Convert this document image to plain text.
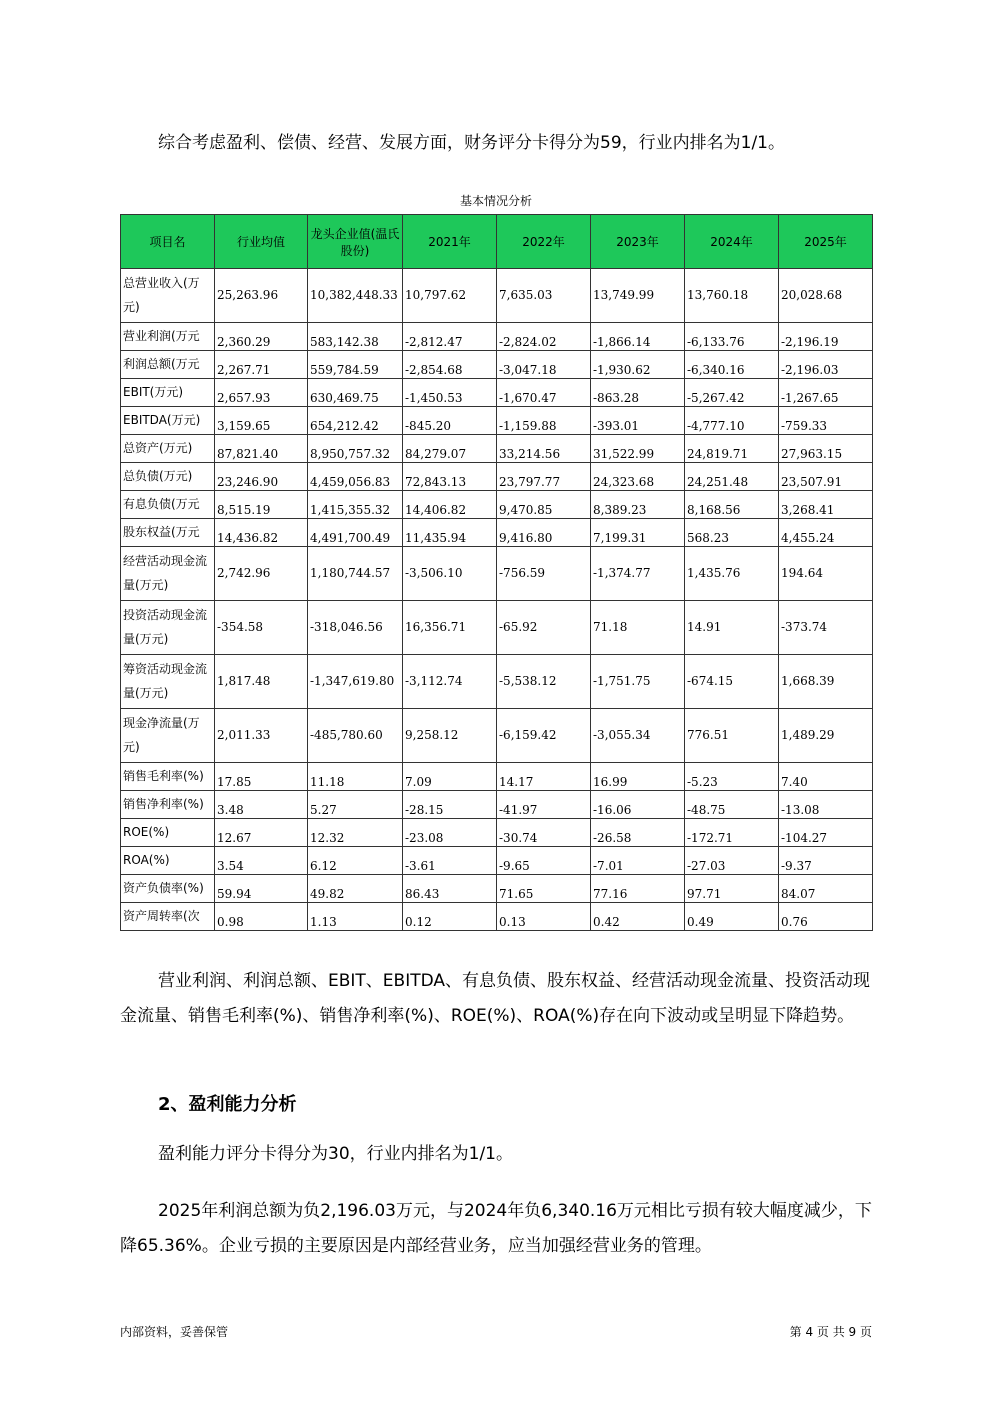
综合考虑盈利、偿债、经营、发展方面，财务评分卡得分为59，行业内排名为1/1。
基本情况分析
项目名	行业均值	龙头企业值(温氏股份)	2021年	2022年	2023年	2024年	2025年
总营业收入(万元)	25,263.96	10,382,448.33	10,797.62	7,635.03	13,749.99	13,760.18	20,028.68
营业利润(万元	2,360.29	583,142.38	-2,812.47	-2,824.02	-1,866.14	-6,133.76	-2,196.19
利润总额(万元	2,267.71	559,784.59	-2,854.68	-3,047.18	-1,930.62	-6,340.16	-2,196.03
EBIT(万元)	2,657.93	630,469.75	-1,450.53	-1,670.47	-863.28	-5,267.42	-1,267.65
EBITDA(万元)	3,159.65	654,212.42	-845.20	-1,159.88	-393.01	-4,777.10	-759.33
总资产(万元)	87,821.40	8,950,757.32	84,279.07	33,214.56	31,522.99	24,819.71	27,963.15
总负债(万元)	23,246.90	4,459,056.83	72,843.13	23,797.77	24,323.68	24,251.48	23,507.91
有息负债(万元	8,515.19	1,415,355.32	14,406.82	9,470.85	8,389.23	8,168.56	3,268.41
股东权益(万元	14,436.82	4,491,700.49	11,435.94	9,416.80	7,199.31	568.23	4,455.24
经营活动现金流量(万元)	2,742.96	1,180,744.57	-3,506.10	-756.59	-1,374.77	1,435.76	194.64
投资活动现金流量(万元)	-354.58	-318,046.56	16,356.71	-65.92	71.18	14.91	-373.74
筹资活动现金流量(万元)	1,817.48	-1,347,619.80	-3,112.74	-5,538.12	-1,751.75	-674.15	1,668.39
现金净流量(万元)	2,011.33	-485,780.60	9,258.12	-6,159.42	-3,055.34	776.51	1,489.29
销售毛利率(%)	17.85	11.18	7.09	14.17	16.99	-5.23	7.40
销售净利率(%)	3.48	5.27	-28.15	-41.97	-16.06	-48.75	-13.08
ROE(%)	12.67	12.32	-23.08	-30.74	-26.58	-172.71	-104.27
ROA(%)	3.54	6.12	-3.61	-9.65	-7.01	-27.03	-9.37
资产负债率(%)	59.94	49.82	86.43	71.65	77.16	97.71	84.07
资产周转率(次	0.98	1.13	0.12	0.13	0.42	0.49	0.76
营业利润、利润总额、EBIT、EBITDA、有息负债、股东权益、经营活动现金流量、投资活动现金流量、销售毛利率(%)、销售净利率(%)、ROE(%)、ROA(%)存在向下波动或呈明显下降趋势。
2、盈利能力分析
盈利能力评分卡得分为30，行业内排名为1/1。
2025年利润总额为负2,196.03万元，与2024年负6,340.16万元相比亏损有较大幅度减少，下降65.36%。企业亏损的主要原因是内部经营业务，应当加强经营业务的管理。
内部资料，妥善保管	第 4 页 共 9 页
